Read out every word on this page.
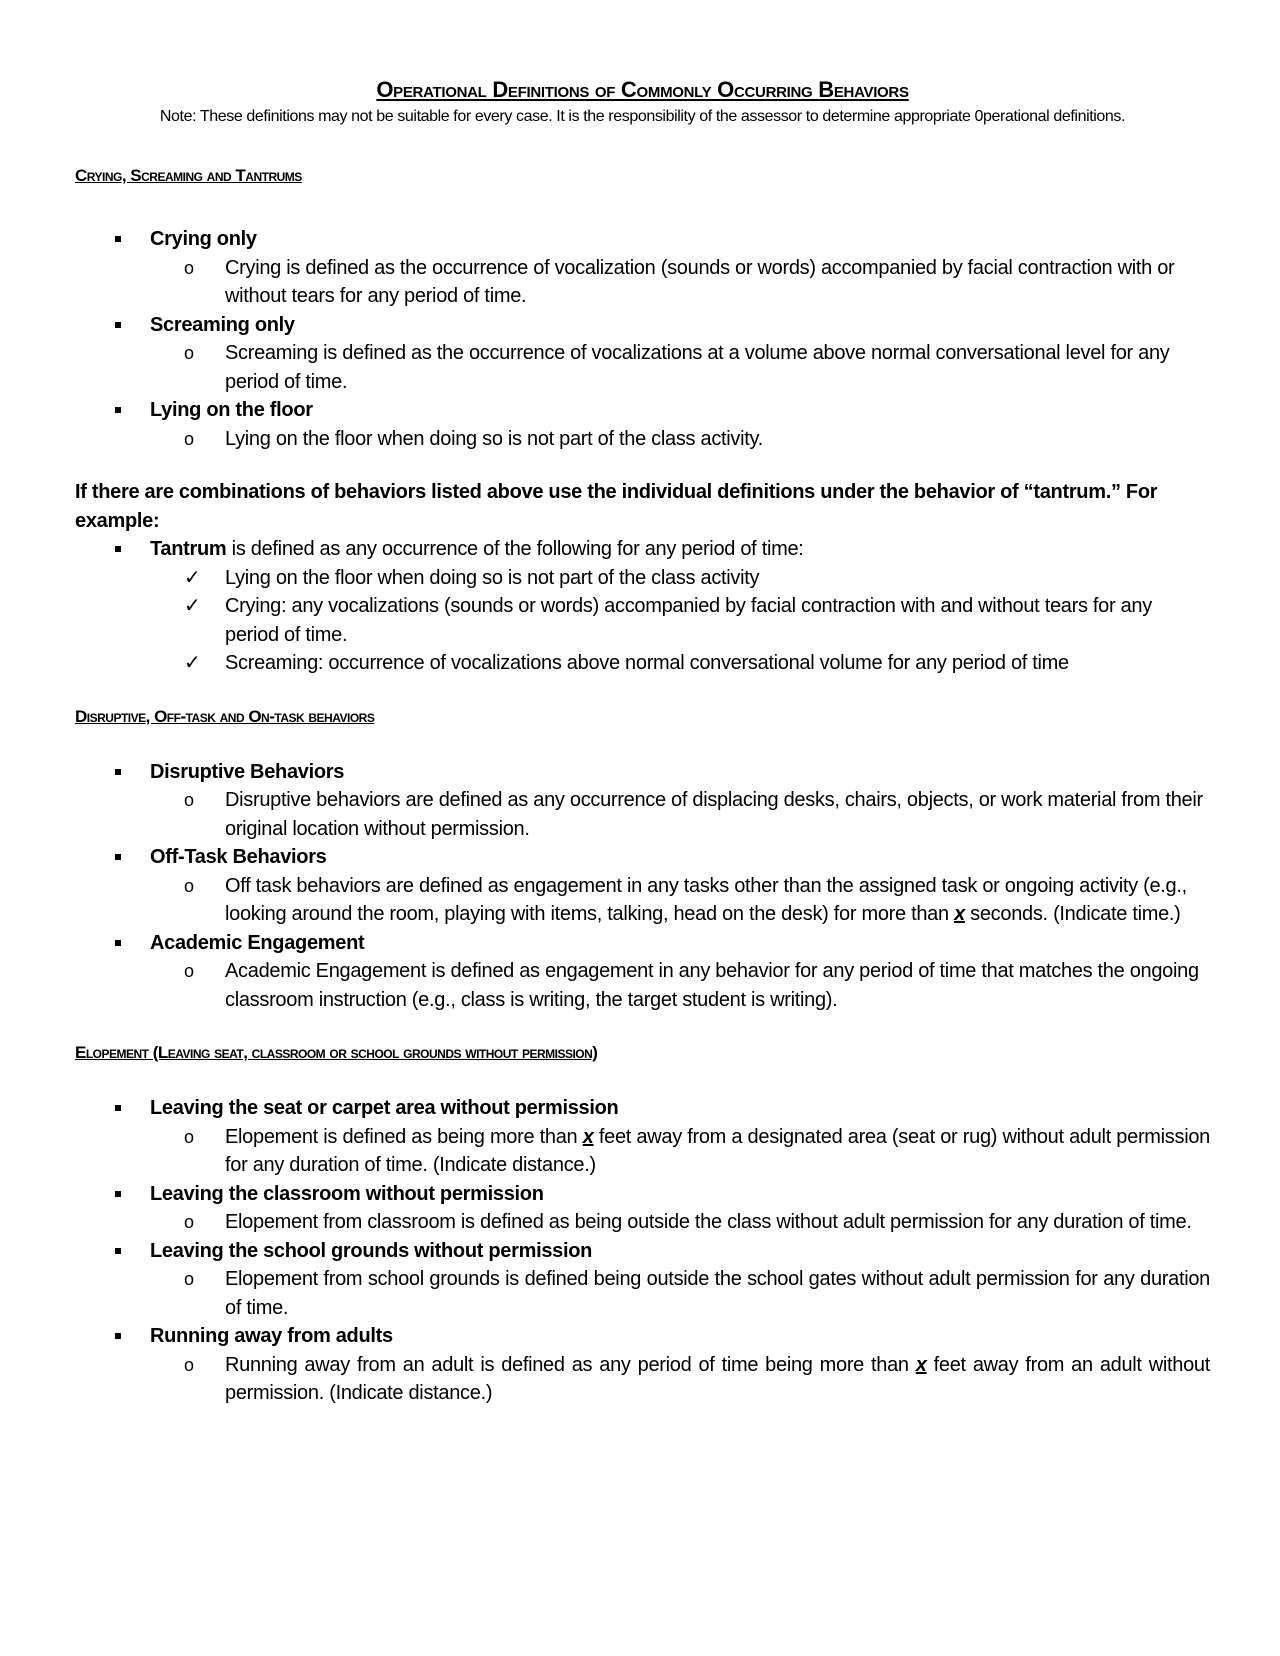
Operational Definitions of Commonly Occurring Behaviors

Note: These definitions may not be suitable for every case. It is the responsibility of the assessor to determine appropriate 0perational definitions.

Crying, Screaming and Tantrums
Crying only
o Crying is defined as the occurrence of vocalization (sounds or words) accompanied by facial contraction with or without tears for any period of time.
Screaming only
o Screaming is defined as the occurrence of vocalizations at a volume above normal conversational level for any period of time.
Lying on the floor
o Lying on the floor when doing so is not part of the class activity.

If there are combinations of behaviors listed above use the individual definitions under the behavior of “tantrum.” For example:

Tantrum is defined as any occurrence of the following for any period of time:
✓ Lying on the floor when doing so is not part of the class activity
✓ Crying: any vocalizations (sounds or words) accompanied by facial contraction with and without tears for any period of time.
✓ Screaming: occurrence of vocalizations above normal conversational volume for any period of time
Disruptive, Off-task and On-task behaviors
Disruptive Behaviors
o Disruptive behaviors are defined as any occurrence of displacing desks, chairs, objects, or work material from their original location without permission.
Off-Task Behaviors
o Off task behaviors are defined as engagement in any tasks other than the assigned task or ongoing activity (e.g., looking around the room, playing with items, talking, head on the desk) for more than x seconds. (Indicate time.)
Academic Engagement
o Academic Engagement is defined as engagement in any behavior for any period of time that matches the ongoing classroom instruction (e.g., class is writing, the target student is writing).
Elopement (Leaving seat, classroom or school grounds without permission)
Leaving the seat or carpet area without permission
o Elopement is defined as being more than x feet away from a designated area (seat or rug) without adult permission for any duration of time. (Indicate distance.)
Leaving the classroom without permission
o Elopement from classroom is defined as being outside the class without adult permission for any duration of time.
Leaving the school grounds without permission
o Elopement from school grounds is defined being outside the school gates without adult permission for any duration of time.
Running away from adults
o Running away from an adult is defined as any period of time being more than x feet away from an adult without permission. (Indicate distance.)
